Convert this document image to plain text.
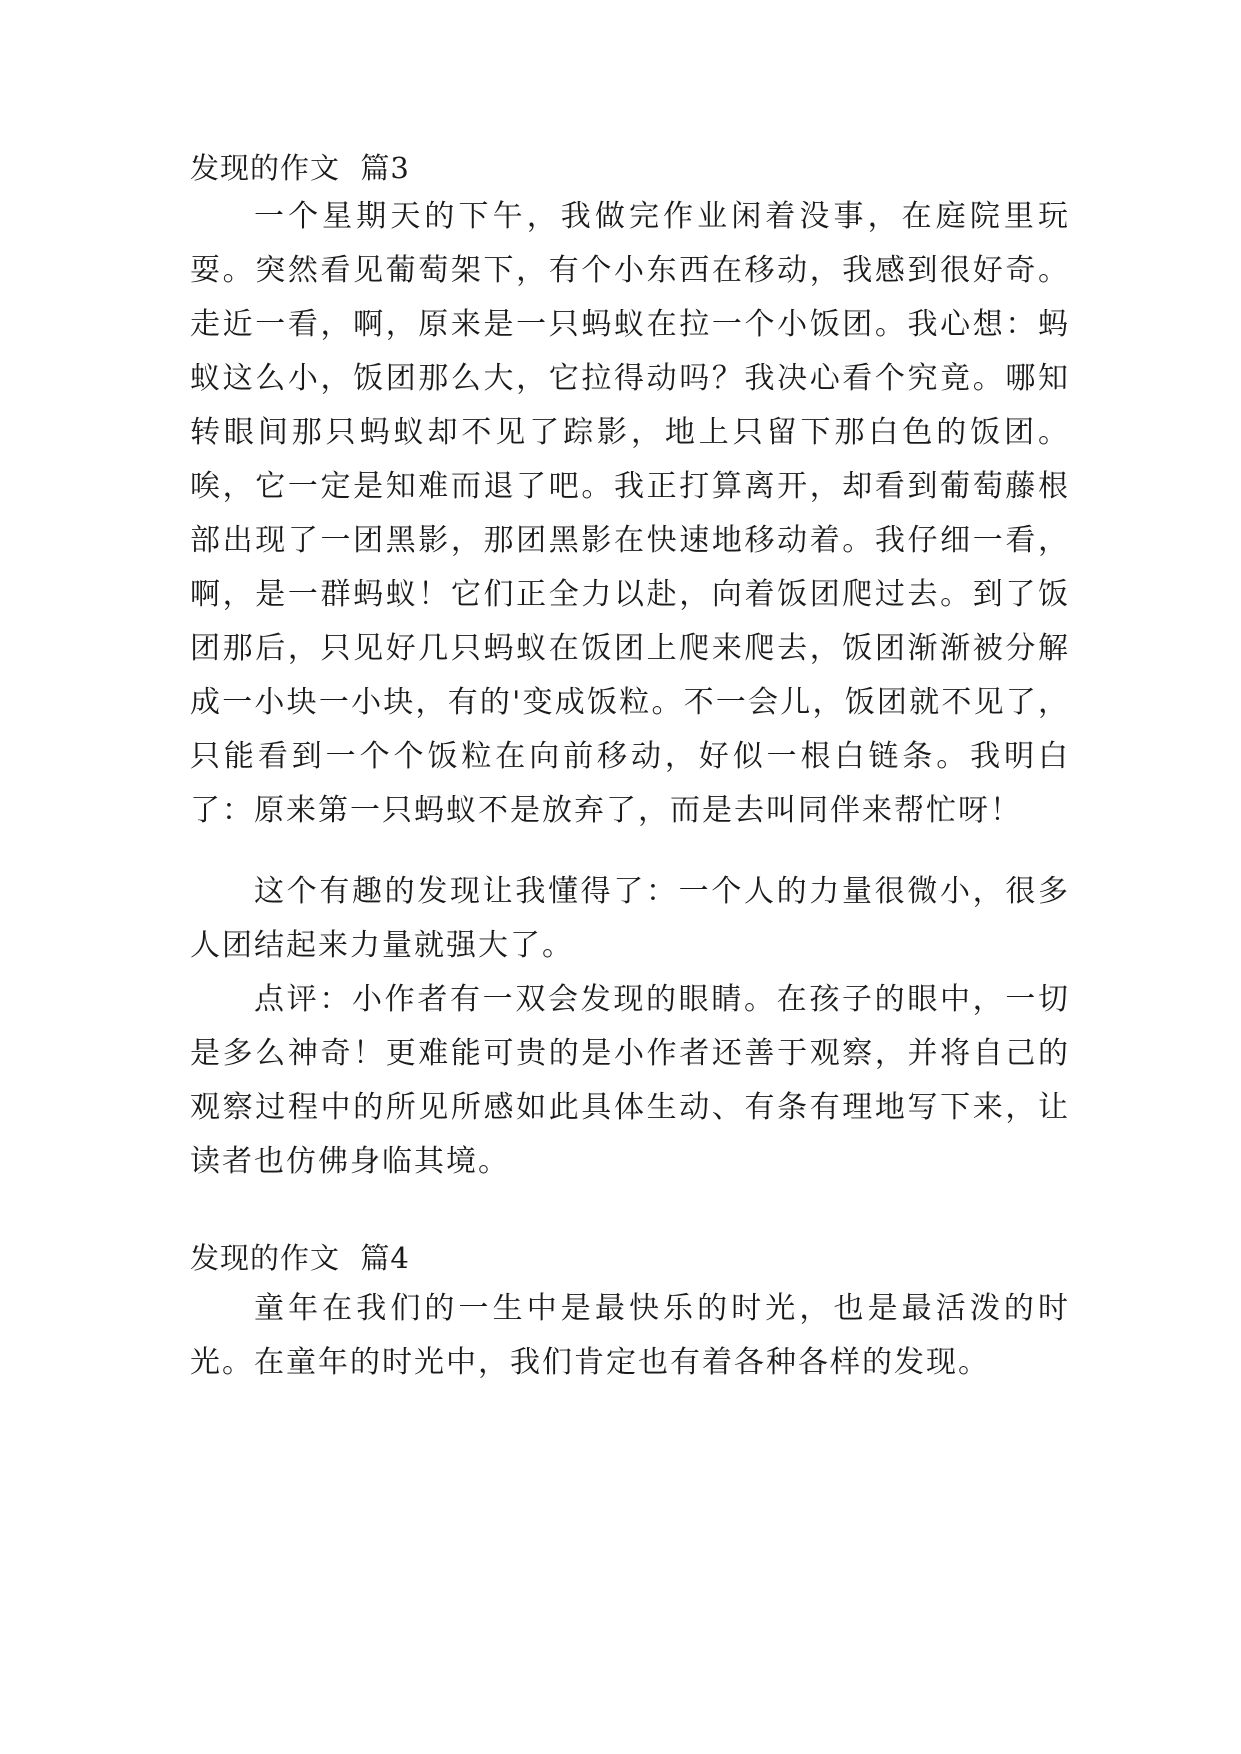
发现的作文  篇3

一个星期天的下午，我做完作业闲着没事，在庭院里玩耍。突然看见葡萄架下，有个小东西在移动，我感到很好奇。走近一看，啊，原来是一只蚂蚁在拉一个小饭团。我心想：蚂蚁这么小，饭团那么大，它拉得动吗？我决心看个究竟。哪知转眼间那只蚂蚁却不见了踪影，地上只留下那白色的饭团。唉，它一定是知难而退了吧。我正打算离开，却看到葡萄藤根部出现了一团黑影，那团黑影在快速地移动着。我仔细一看，啊，是一群蚂蚁！它们正全力以赴，向着饭团爬过去。到了饭团那后，只见好几只蚂蚁在饭团上爬来爬去，饭团渐渐被分解成一小块一小块，有的'变成饭粒。不一会儿，饭团就不见了，只能看到一个个饭粒在向前移动，好似一根白链条。我明白了：原来第一只蚂蚁不是放弃了，而是去叫同伴来帮忙呀！

这个有趣的发现让我懂得了：一个人的力量很微小，很多人团结起来力量就强大了。

点评：小作者有一双会发现的眼睛。在孩子的眼中，一切是多么神奇！更难能可贵的是小作者还善于观察，并将自己的观察过程中的所见所感如此具体生动、有条有理地写下来，让读者也仿佛身临其境。

发现的作文  篇4

童年在我们的一生中是最快乐的时光，也是最活泼的时光。在童年的时光中，我们肯定也有着各种各样的发现。
